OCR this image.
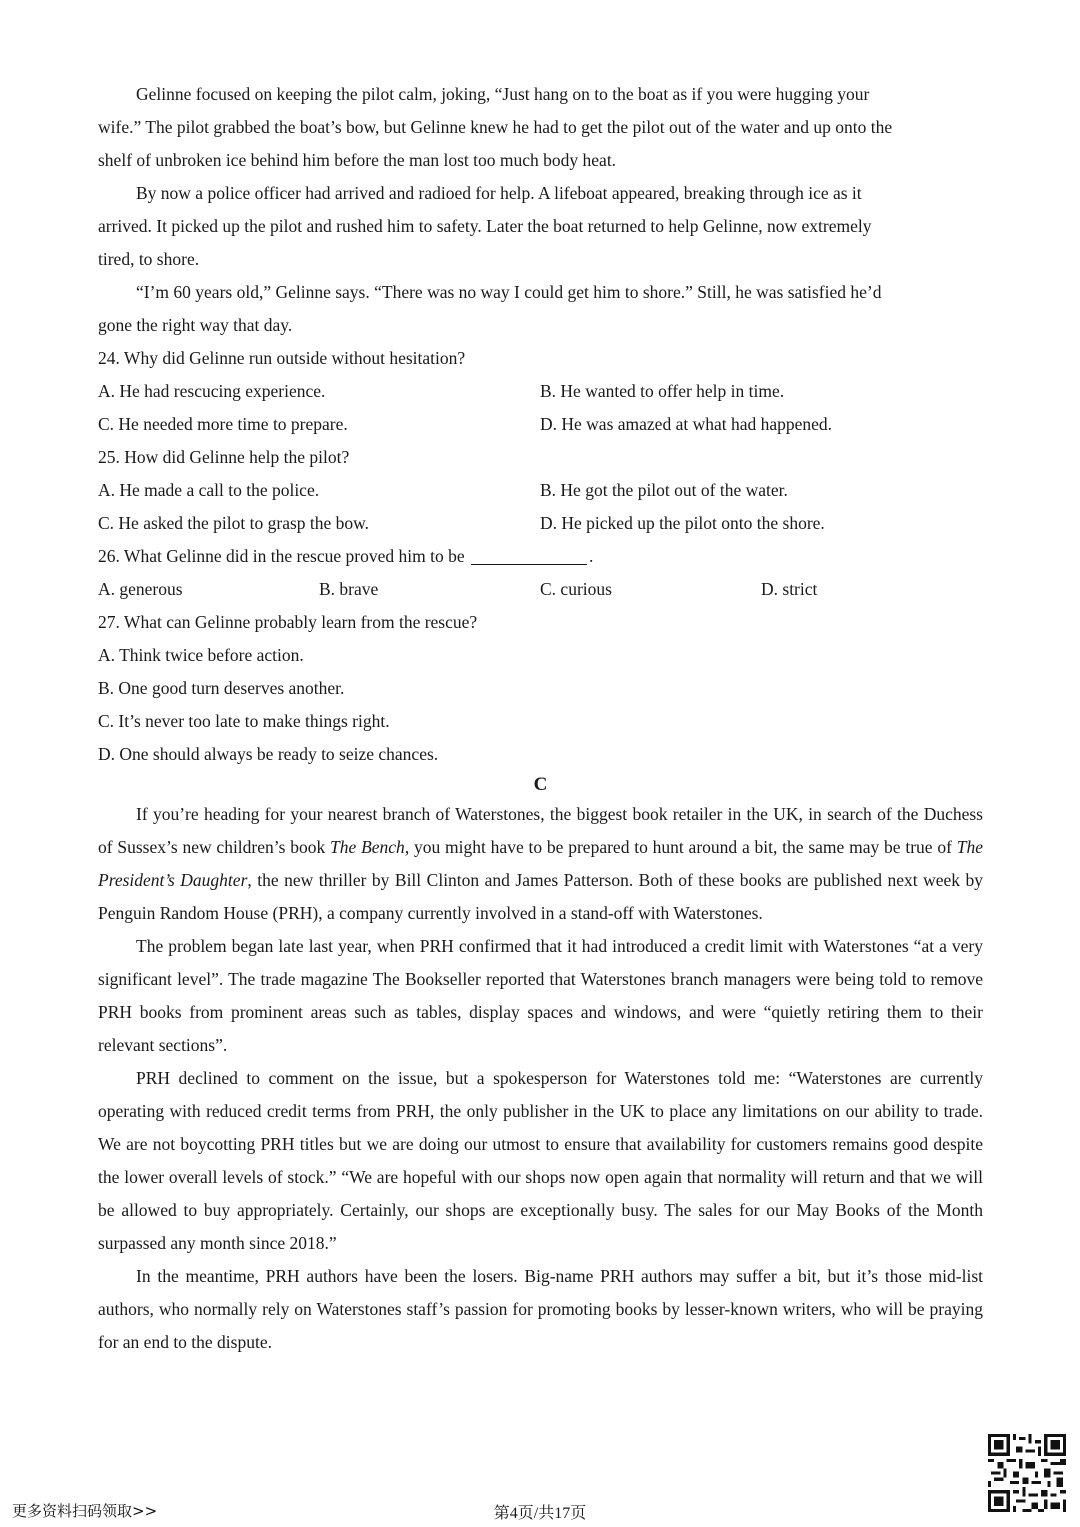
Gelinne focused on keeping the pilot calm, joking, “Just hang on to the boat as if you were hugging your
wife.” The pilot grabbed the boat’s bow, but Gelinne knew he had to get the pilot out of the water and up onto the
shelf of unbroken ice behind him before the man lost too much body heat.
By now a police officer had arrived and radioed for help. A lifeboat appeared, breaking through ice as it
arrived. It picked up the pilot and rushed him to safety. Later the boat returned to help Gelinne, now extremely
tired, to shore.
“I’m 60 years old,” Gelinne says. “There was no way I could get him to shore.” Still, he was satisfied he’d
gone the right way that day.
24. Why did Gelinne run outside without hesitation?
A. He had rescucing experience.	B. He wanted to offer help in time.
C. He needed more time to prepare.	D. He was amazed at what had happened.
25. How did Gelinne help the pilot?
A. He made a call to the police.	B. He got the pilot out of the water.
C. He asked the pilot to grasp the bow.	D. He picked up the pilot onto the shore.
26. What Gelinne did in the rescue proved him to be	.
A. generous	B. brave	C. curious	D. strict
27. What can Gelinne probably learn from the rescue?
A. Think twice before action.
B. One good turn deserves another.
C. It’s never too late to make things right.
D. One should always be ready to seize chances.
C
If you’re heading for your nearest branch of Waterstones, the biggest book retailer in the UK, in search of the Duchess of Sussex’s new children’s book The Bench, you might have to be prepared to hunt around a bit, the same may be true of The President’s Daughter, the new thriller by Bill Clinton and James Patterson. Both of these books are published next week by Penguin Random House (PRH), a company currently involved in a stand-off with Waterstones.
The problem began late last year, when PRH confirmed that it had introduced a credit limit with Waterstones “at a very significant level”. The trade magazine The Bookseller reported that Waterstones branch managers were being told to remove PRH books from prominent areas such as tables, display spaces and windows, and were “quietly retiring them to their relevant sections”.
PRH declined to comment on the issue, but a spokesperson for Waterstones told me: “Waterstones are currently operating with reduced credit terms from PRH, the only publisher in the UK to place any limitations on our ability to trade. We are not boycotting PRH titles but we are doing our utmost to ensure that availability for customers remains good despite the lower overall levels of stock.” “We are hopeful with our shops now open again that normality will return and that we will be allowed to buy appropriately. Certainly, our shops are exceptionally busy. The sales for our May Books of the Month surpassed any month since 2018.”
In the meantime, PRH authors have been the losers. Big-name PRH authors may suffer a bit, but it’s those mid-list authors, who normally rely on Waterstones staff’s passion for promoting books by lesser-known writers, who will be praying for an end to the dispute.
更多资料扫码领取>>	第4页/共17页
